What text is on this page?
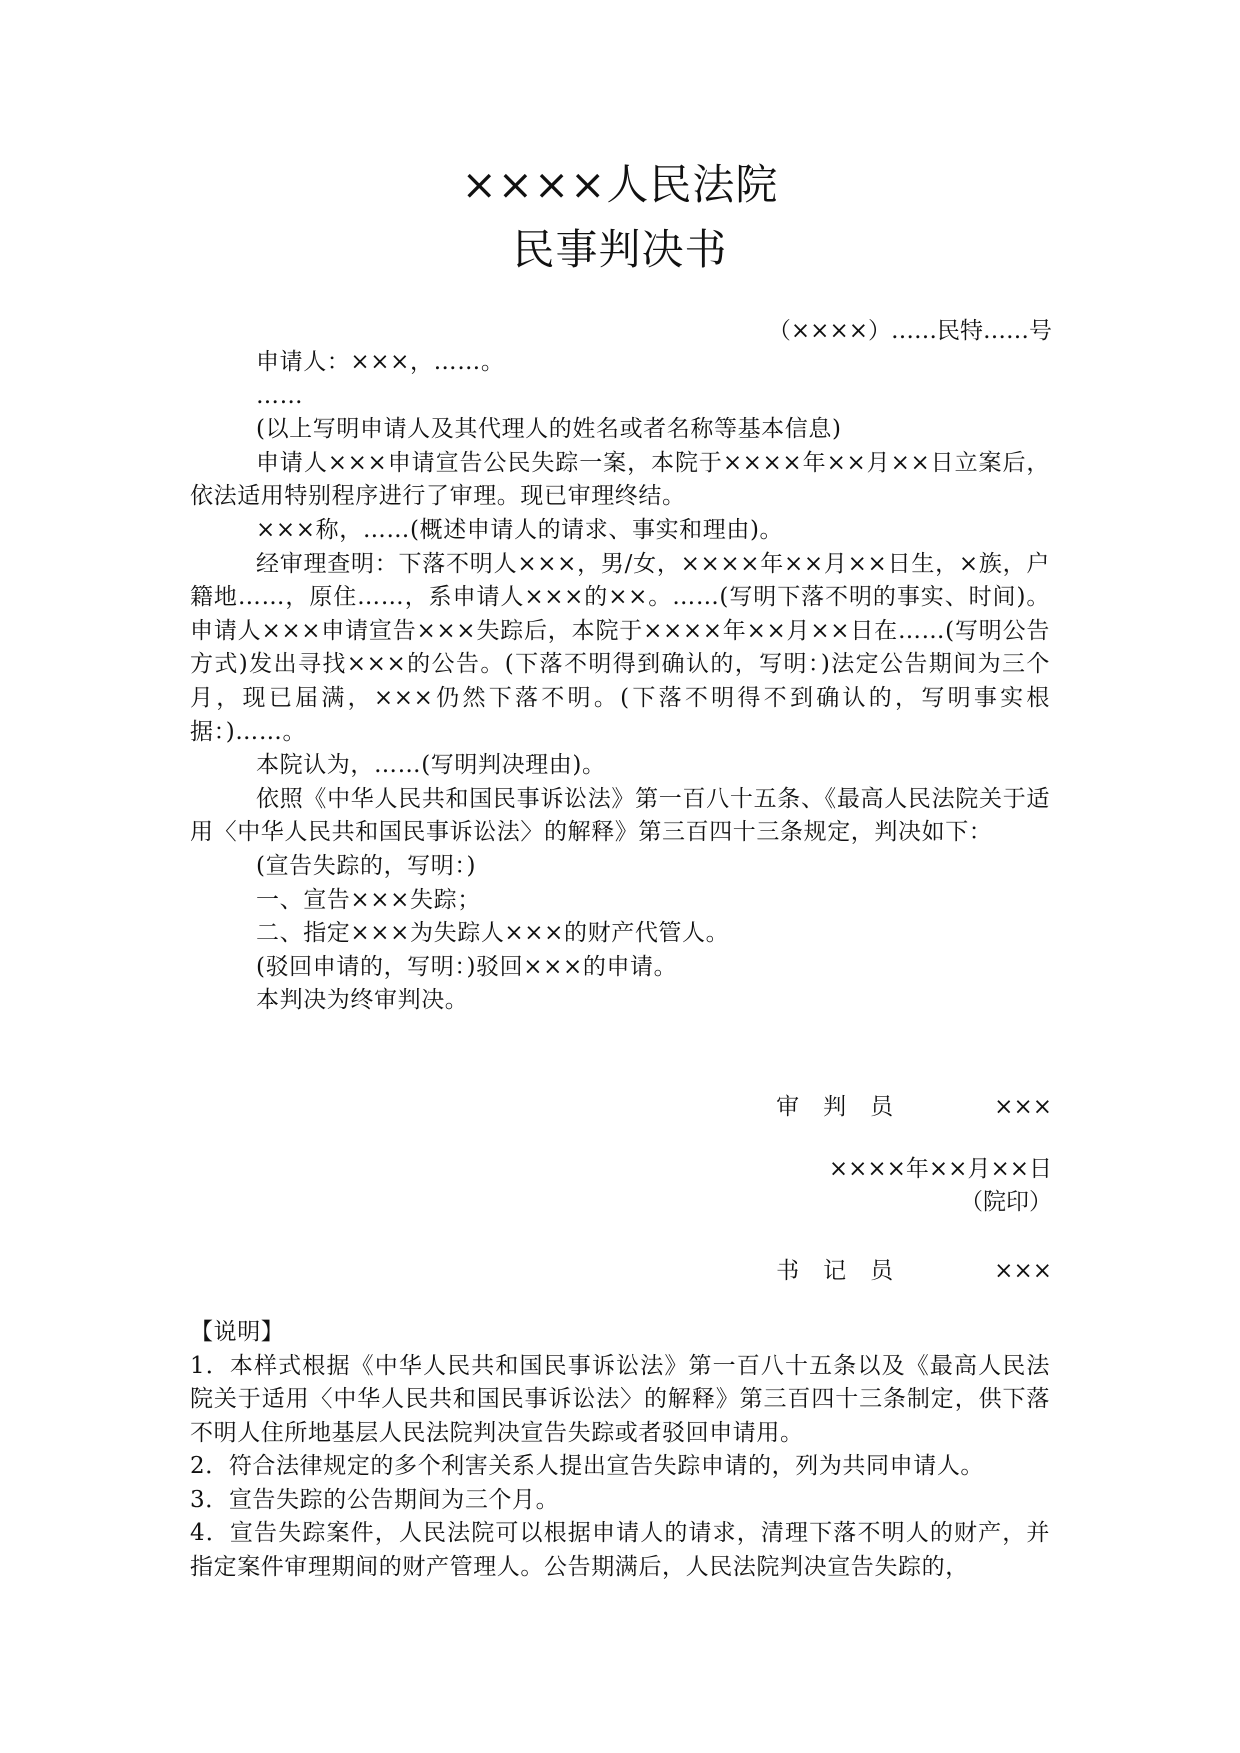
××××人民法院
民事判决书
（××××）……民特……号

申请人：×××，……。

……

(以上写明申请人及其代理人的姓名或者名称等基本信息)

申请人×××申请宣告公民失踪一案，本院于××××年××月××日立案后，依法适用特别程序进行了审理。现已审理终结。

×××称，……(概述申请人的请求、事实和理由)。

经审理查明：下落不明人×××，男/女，××××年××月××日生，×族，户籍地……，原住……，系申请人×××的××。……(写明下落不明的事实、时间)。申请人×××申请宣告×××失踪后，本院于××××年××月××日在……(写明公告方式)发出寻找×××的公告。(下落不明得到确认的，写明：)法定公告期间为三个月，现已届满，×××仍然下落不明。(下落不明得不到确认的，写明事实根据：)……。

本院认为，……(写明判决理由)。

依照《中华人民共和国民事诉讼法》第一百八十五条、《最高人民法院关于适用〈中华人民共和国民事诉讼法〉的解释》第三百四十三条规定，判决如下：

(宣告失踪的，写明：)

一、宣告×××失踪；

二、指定×××为失踪人×××的财产代管人。

(驳回申请的，写明：)驳回×××的申请。

本判决为终审判决。

审判员	×××
××××年××月××日
（院印）
书记员	×××

【说明】

1．本样式根据《中华人民共和国民事诉讼法》第一百八十五条以及《最高人民法院关于适用〈中华人民共和国民事诉讼法〉的解释》第三百四十三条制定，供下落不明人住所地基层人民法院判决宣告失踪或者驳回申请用。

2．符合法律规定的多个利害关系人提出宣告失踪申请的，列为共同申请人。

3．宣告失踪的公告期间为三个月。

4．宣告失踪案件，人民法院可以根据申请人的请求，清理下落不明人的财产，并指定案件审理期间的财产管理人。公告期满后，人民法院判决宣告失踪的，
